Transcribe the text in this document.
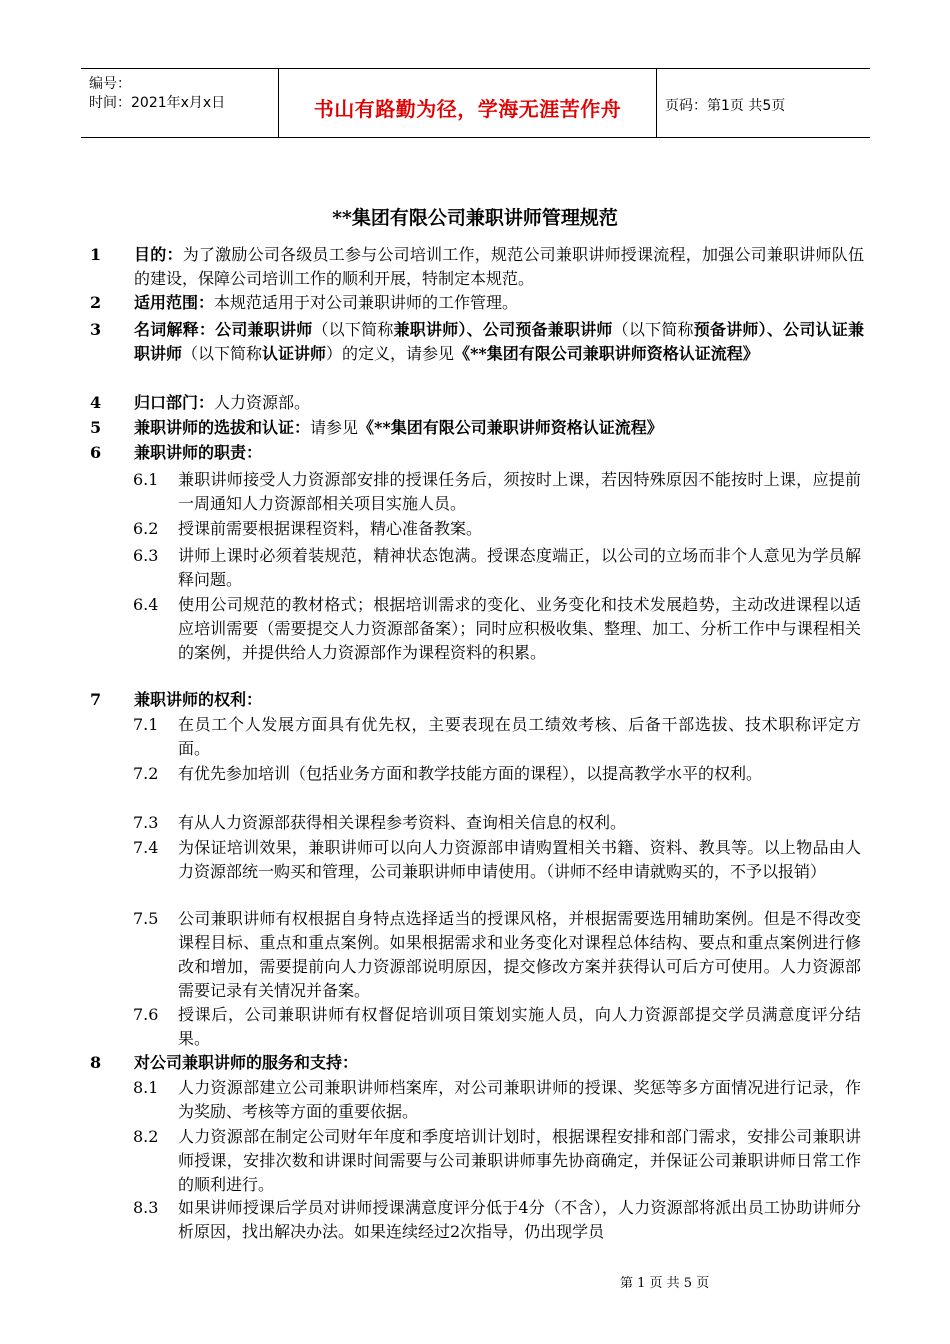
编号：
时间：2021年x月x日	书山有路勤为径，学海无涯苦作舟	页码：第1页 共5页
**集团有限公司兼职讲师管理规范
1	目的：为了激励公司各级员工参与公司培训工作，规范公司兼职讲师授课流程，加强公司兼职讲师队伍的建设，保障公司培训工作的顺利开展，特制定本规范。
2	适用范围：本规范适用于对公司兼职讲师的工作管理。
3	名词解释：公司兼职讲师（以下简称兼职讲师）、公司预备兼职讲师（以下简称预备讲师）、公司认证兼职讲师（以下简称认证讲师）的定义，请参见《**集团有限公司兼职讲师资格认证流程》
4	归口部门：人力资源部。
5	兼职讲师的选拔和认证：请参见《**集团有限公司兼职讲师资格认证流程》
6	兼职讲师的职责：
6.1	兼职讲师接受人力资源部安排的授课任务后，须按时上课，若因特殊原因不能按时上课，应提前一周通知人力资源部相关项目实施人员。
6.2	授课前需要根据课程资料，精心准备教案。
6.3	讲师上课时必须着装规范，精神状态饱满。授课态度端正，以公司的立场而非个人意见为学员解释问题。
6.4	使用公司规范的教材格式；根据培训需求的变化、业务变化和技术发展趋势，主动改进课程以适应培训需要（需要提交人力资源部备案）；同时应积极收集、整理、加工、分析工作中与课程相关的案例，并提供给人力资源部作为课程资料的积累。
7	兼职讲师的权利：
7.1	在员工个人发展方面具有优先权，主要表现在员工绩效考核、后备干部选拔、技术职称评定方面。
7.2	有优先参加培训（包括业务方面和教学技能方面的课程），以提高教学水平的权利。
7.3	有从人力资源部获得相关课程参考资料、查询相关信息的权利。
7.4	为保证培训效果，兼职讲师可以向人力资源部申请购置相关书籍、资料、教具等。以上物品由人力资源部统一购买和管理，公司兼职讲师申请使用。（讲师不经申请就购买的，不予以报销）
7.5	公司兼职讲师有权根据自身特点选择适当的授课风格，并根据需要选用辅助案例。但是不得改变课程目标、重点和重点案例。如果根据需求和业务变化对课程总体结构、要点和重点案例进行修改和增加，需要提前向人力资源部说明原因，提交修改方案并获得认可后方可使用。人力资源部需要记录有关情况并备案。
7.6	授课后，公司兼职讲师有权督促培训项目策划实施人员，向人力资源部提交学员满意度评分结果。
8	对公司兼职讲师的服务和支持：
8.1	人力资源部建立公司兼职讲师档案库，对公司兼职讲师的授课、奖惩等多方面情况进行记录，作为奖励、考核等方面的重要依据。
8.2	人力资源部在制定公司财年年度和季度培训计划时，根据课程安排和部门需求，安排公司兼职讲师授课，安排次数和讲课时间需要与公司兼职讲师事先协商确定，并保证公司兼职讲师日常工作的顺利进行。
8.3	如果讲师授课后学员对讲师授课满意度评分低于4分（不含），人力资源部将派出员工协助讲师分析原因，找出解决办法。如果连续经过2次指导，仍出现学员
第 1 页 共 5 页
